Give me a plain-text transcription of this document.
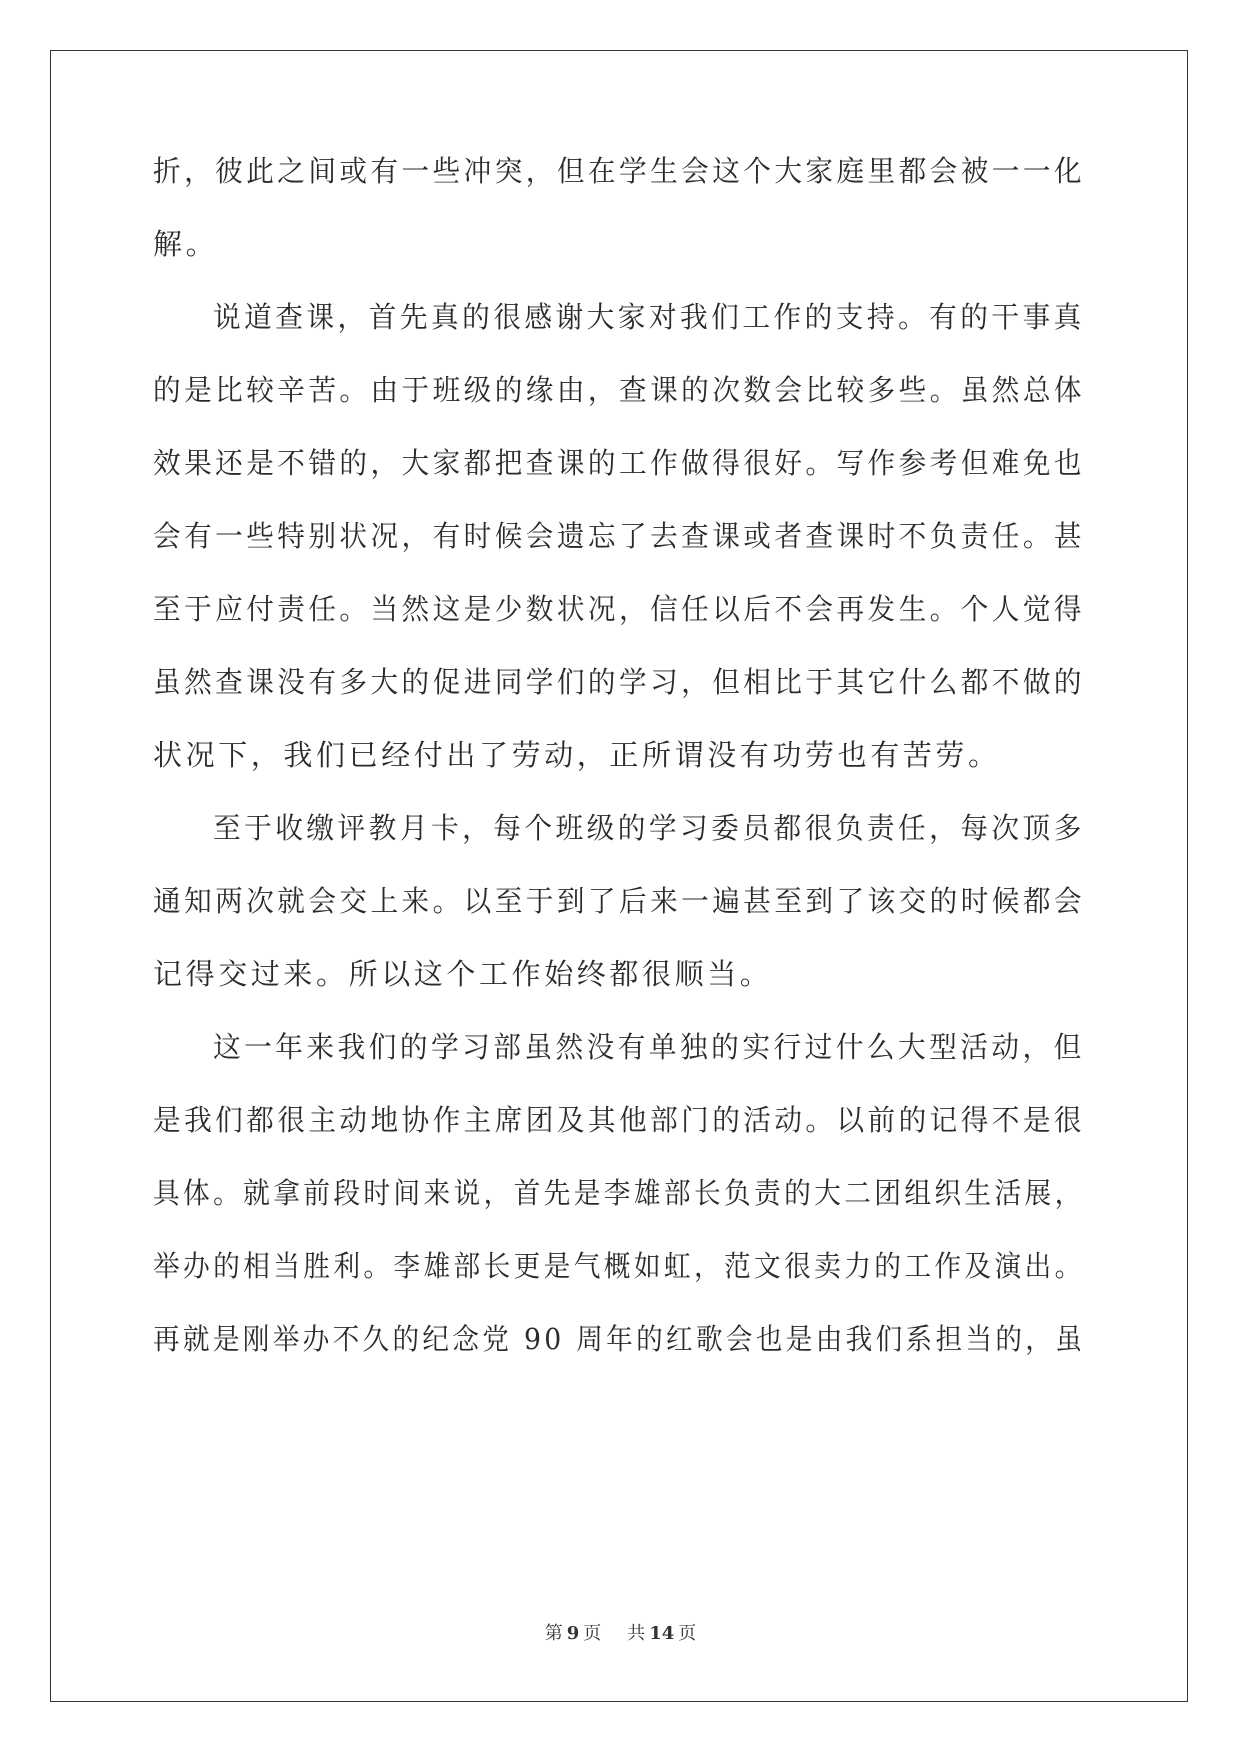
折，彼此之间或有一些冲突，但在学生会这个大家庭里都会被一一化

解。

说道查课，首先真的很感谢大家对我们工作的支持。有的干事真

的是比较辛苦。由于班级的缘由，查课的次数会比较多些。虽然总体

效果还是不错的，大家都把查课的工作做得很好。写作参考但难免也

会有一些特别状况，有时候会遗忘了去查课或者查课时不负责任。甚

至于应付责任。当然这是少数状况，信任以后不会再发生。个人觉得

虽然查课没有多大的促进同学们的学习，但相比于其它什么都不做的

状况下，我们已经付出了劳动，正所谓没有功劳也有苦劳。

至于收缴评教月卡，每个班级的学习委员都很负责任，每次顶多

通知两次就会交上来。以至于到了后来一遍甚至到了该交的时候都会

记得交过来。所以这个工作始终都很顺当。

这一年来我们的学习部虽然没有单独的实行过什么大型活动，但

是我们都很主动地协作主席团及其他部门的活动。以前的记得不是很

具体。就拿前段时间来说，首先是李雄部长负责的大二团组织生活展，

举办的相当胜利。李雄部长更是气概如虹，范文很卖力的工作及演出。

再就是刚举办不久的纪念党 90 周年的红歌会也是由我们系担当的，虽

第 9 页 共 14 页
